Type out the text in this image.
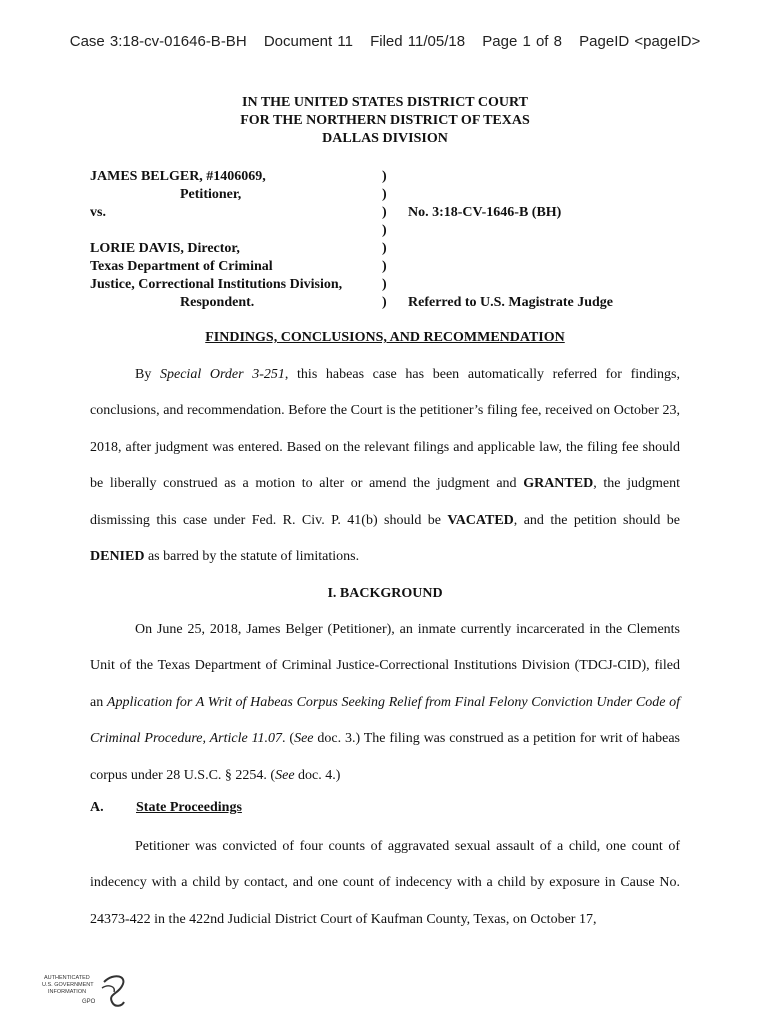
Case 3:18-cv-01646-B-BH Document 11 Filed 11/05/18 Page 1 of 8 PageID <pageID>
IN THE UNITED STATES DISTRICT COURT
FOR THE NORTHERN DISTRICT OF TEXAS
DALLAS DIVISION
JAMES BELGER, #1406069,
Petitioner,
vs.

LORIE DAVIS, Director,
Texas Department of Criminal
Justice, Correctional Institutions Division,
Respondent.
)
)
)
)
)
)
)
)
No. 3:18-CV-1646-B (BH)
Referred to U.S. Magistrate Judge
FINDINGS, CONCLUSIONS, AND RECOMMENDATION

By Special Order 3-251, this habeas case has been automatically referred for findings, conclusions, and recommendation. Before the Court is the petitioner’s filing fee, received on October 23, 2018, after judgment was entered. Based on the relevant filings and applicable law, the filing fee should be liberally construed as a motion to alter or amend the judgment and GRANTED, the judgment dismissing this case under Fed. R. Civ. P. 41(b) should be VACATED, and the petition should be DENIED as barred by the statute of limitations.

I. BACKGROUND

On June 25, 2018, James Belger (Petitioner), an inmate currently incarcerated in the Clements Unit of the Texas Department of Criminal Justice-Correctional Institutions Division (TDCJ-CID), filed an Application for A Writ of Habeas Corpus Seeking Relief from Final Felony Conviction Under Code of Criminal Procedure, Article 11.07. (See doc. 3.) The filing was construed as a petition for writ of habeas corpus under 28 U.S.C. § 2254. (See doc. 4.)

A. State Proceedings

Petitioner was convicted of four counts of aggravated sexual assault of a child, one count of indecency with a child by contact, and one count of indecency with a child by exposure in Cause No. 24373-422 in the 422nd Judicial District Court of Kaufman County, Texas, on October 17,

AUTHENTICATED
U.S. GOVERNMENT
INFORMATION
GPO
